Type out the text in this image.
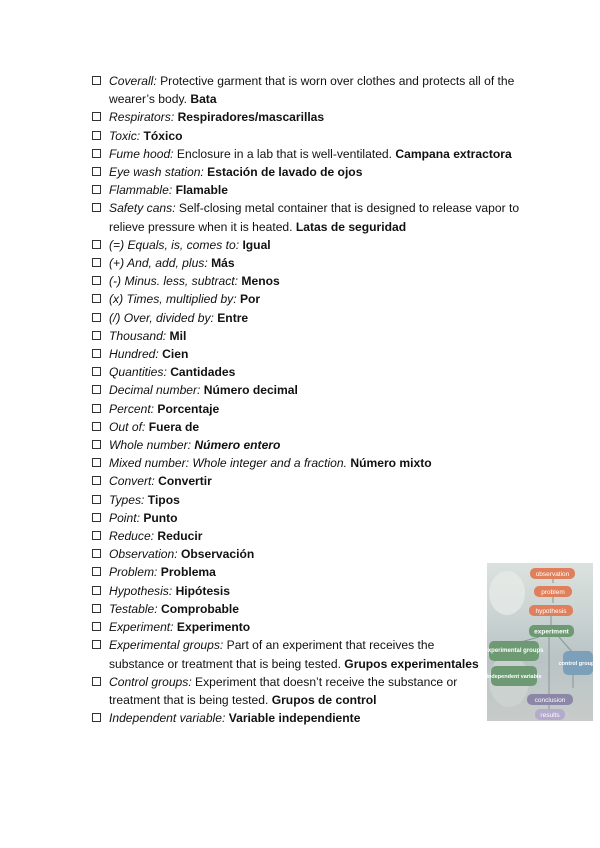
Coverall: Protective garment that is worn over clothes and protects all of the wearer’s body. Bata
Respirators: Respiradores/mascarillas
Toxic: Tóxico
Fume hood: Enclosure in a lab that is well-ventilated. Campana extractora
Eye wash station: Estación de lavado de ojos
Flammable: Flamable
Safety cans: Self-closing metal container that is designed to release vapor to relieve pressure when it is heated. Latas de seguridad
(=) Equals, is, comes to: Igual
(+) And, add, plus: Más
(-) Minus. less, subtract: Menos
(x) Times, multiplied by: Por
(/) Over, divided by: Entre
Thousand: Mil
Hundred: Cien
Quantities: Cantidades
Decimal number: Número decimal
Percent: Porcentaje
Out of: Fuera de
Whole number: Número entero
Mixed number: Whole integer and a fraction. Número mixto
Convert: Convertir
Types: Tipos
Point: Punto
Reduce: Reducir
Observation: Observación
Problem: Problema
Hypothesis: Hipótesis
Testable: Comprobable
Experiment: Experimento
Experimental groups: Part of an experiment that receives the substance or treatment that is being tested. Grupos experimentales
Control groups: Experiment that doesn’t receive the substance or treatment that is being tested. Grupos de control
Independent variable: Variable independiente
observation
problem
hypothesis
experiment
experimental groups
independent variable
control groups
conclusion
results
